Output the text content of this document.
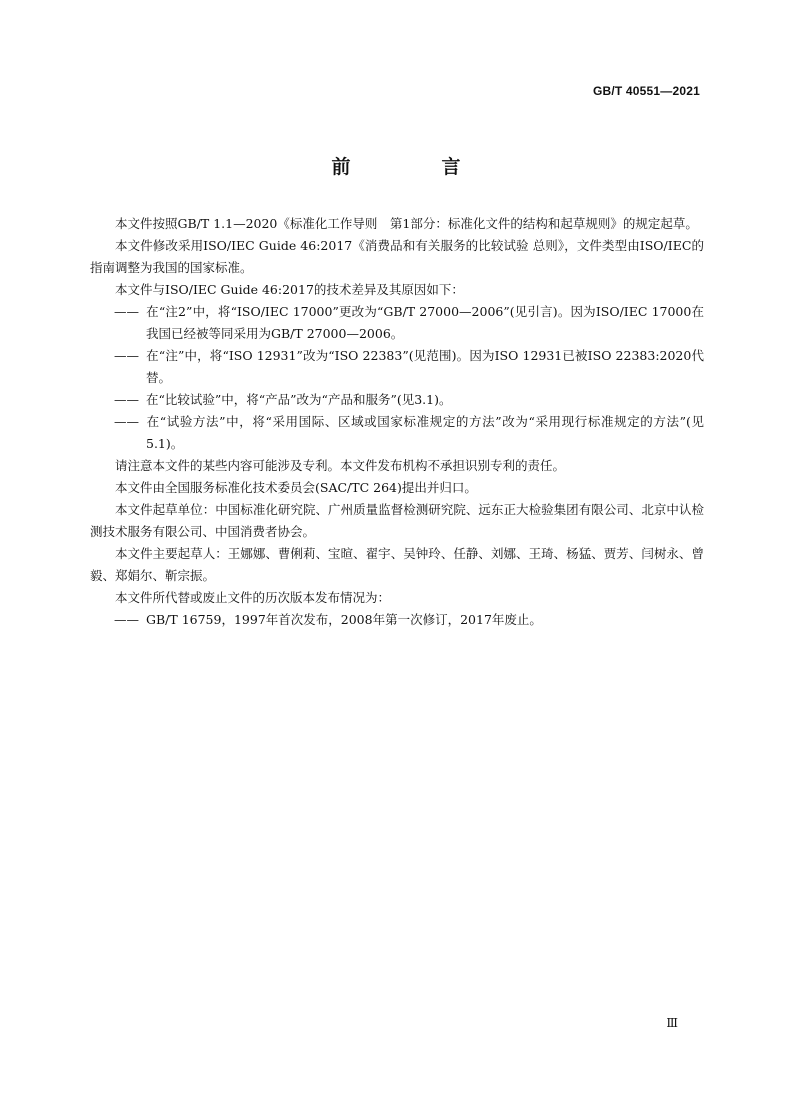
GB/T 40551—2021
前　言

本文件按照GB/T 1.1—2020《标准化工作导则　第1部分：标准化文件的结构和起草规则》的规定起草。

本文件修改采用ISO/IEC Guide 46:2017《消费品和有关服务的比较试验 总则》，文件类型由ISO/IEC的指南调整为我国的国家标准。

本文件与ISO/IEC Guide 46:2017的技术差异及其原因如下：

—— 在“注2”中，将“ISO/IEC 17000”更改为“GB/T 27000—2006”(见引言)。因为ISO/IEC 17000在我国已经被等同采用为GB/T 27000—2006。

—— 在“注”中，将“ISO 12931”改为“ISO 22383”(见范围)。因为ISO 12931已被ISO 22383:2020代替。

—— 在“比较试验”中，将“产品”改为“产品和服务”(见3.1)。

—— 在“试验方法”中，将“采用国际、区域或国家标准规定的方法”改为“采用现行标准规定的方法”(见5.1)。

请注意本文件的某些内容可能涉及专利。本文件发布机构不承担识别专利的责任。

本文件由全国服务标准化技术委员会(SAC/TC 264)提出并归口。

本文件起草单位：中国标准化研究院、广州质量监督检测研究院、远东正大检验集团有限公司、北京中认检测技术服务有限公司、中国消费者协会。

本文件主要起草人：王娜娜、曹俐莉、宝暄、翟宇、吴钟玲、任静、刘娜、王琦、杨猛、贾芳、闫树永、曾毅、郑娟尔、靳宗振。

本文件所代替或废止文件的历次版本发布情况为：

—— GB/T 16759，1997年首次发布，2008年第一次修订，2017年废止。

Ⅲ
